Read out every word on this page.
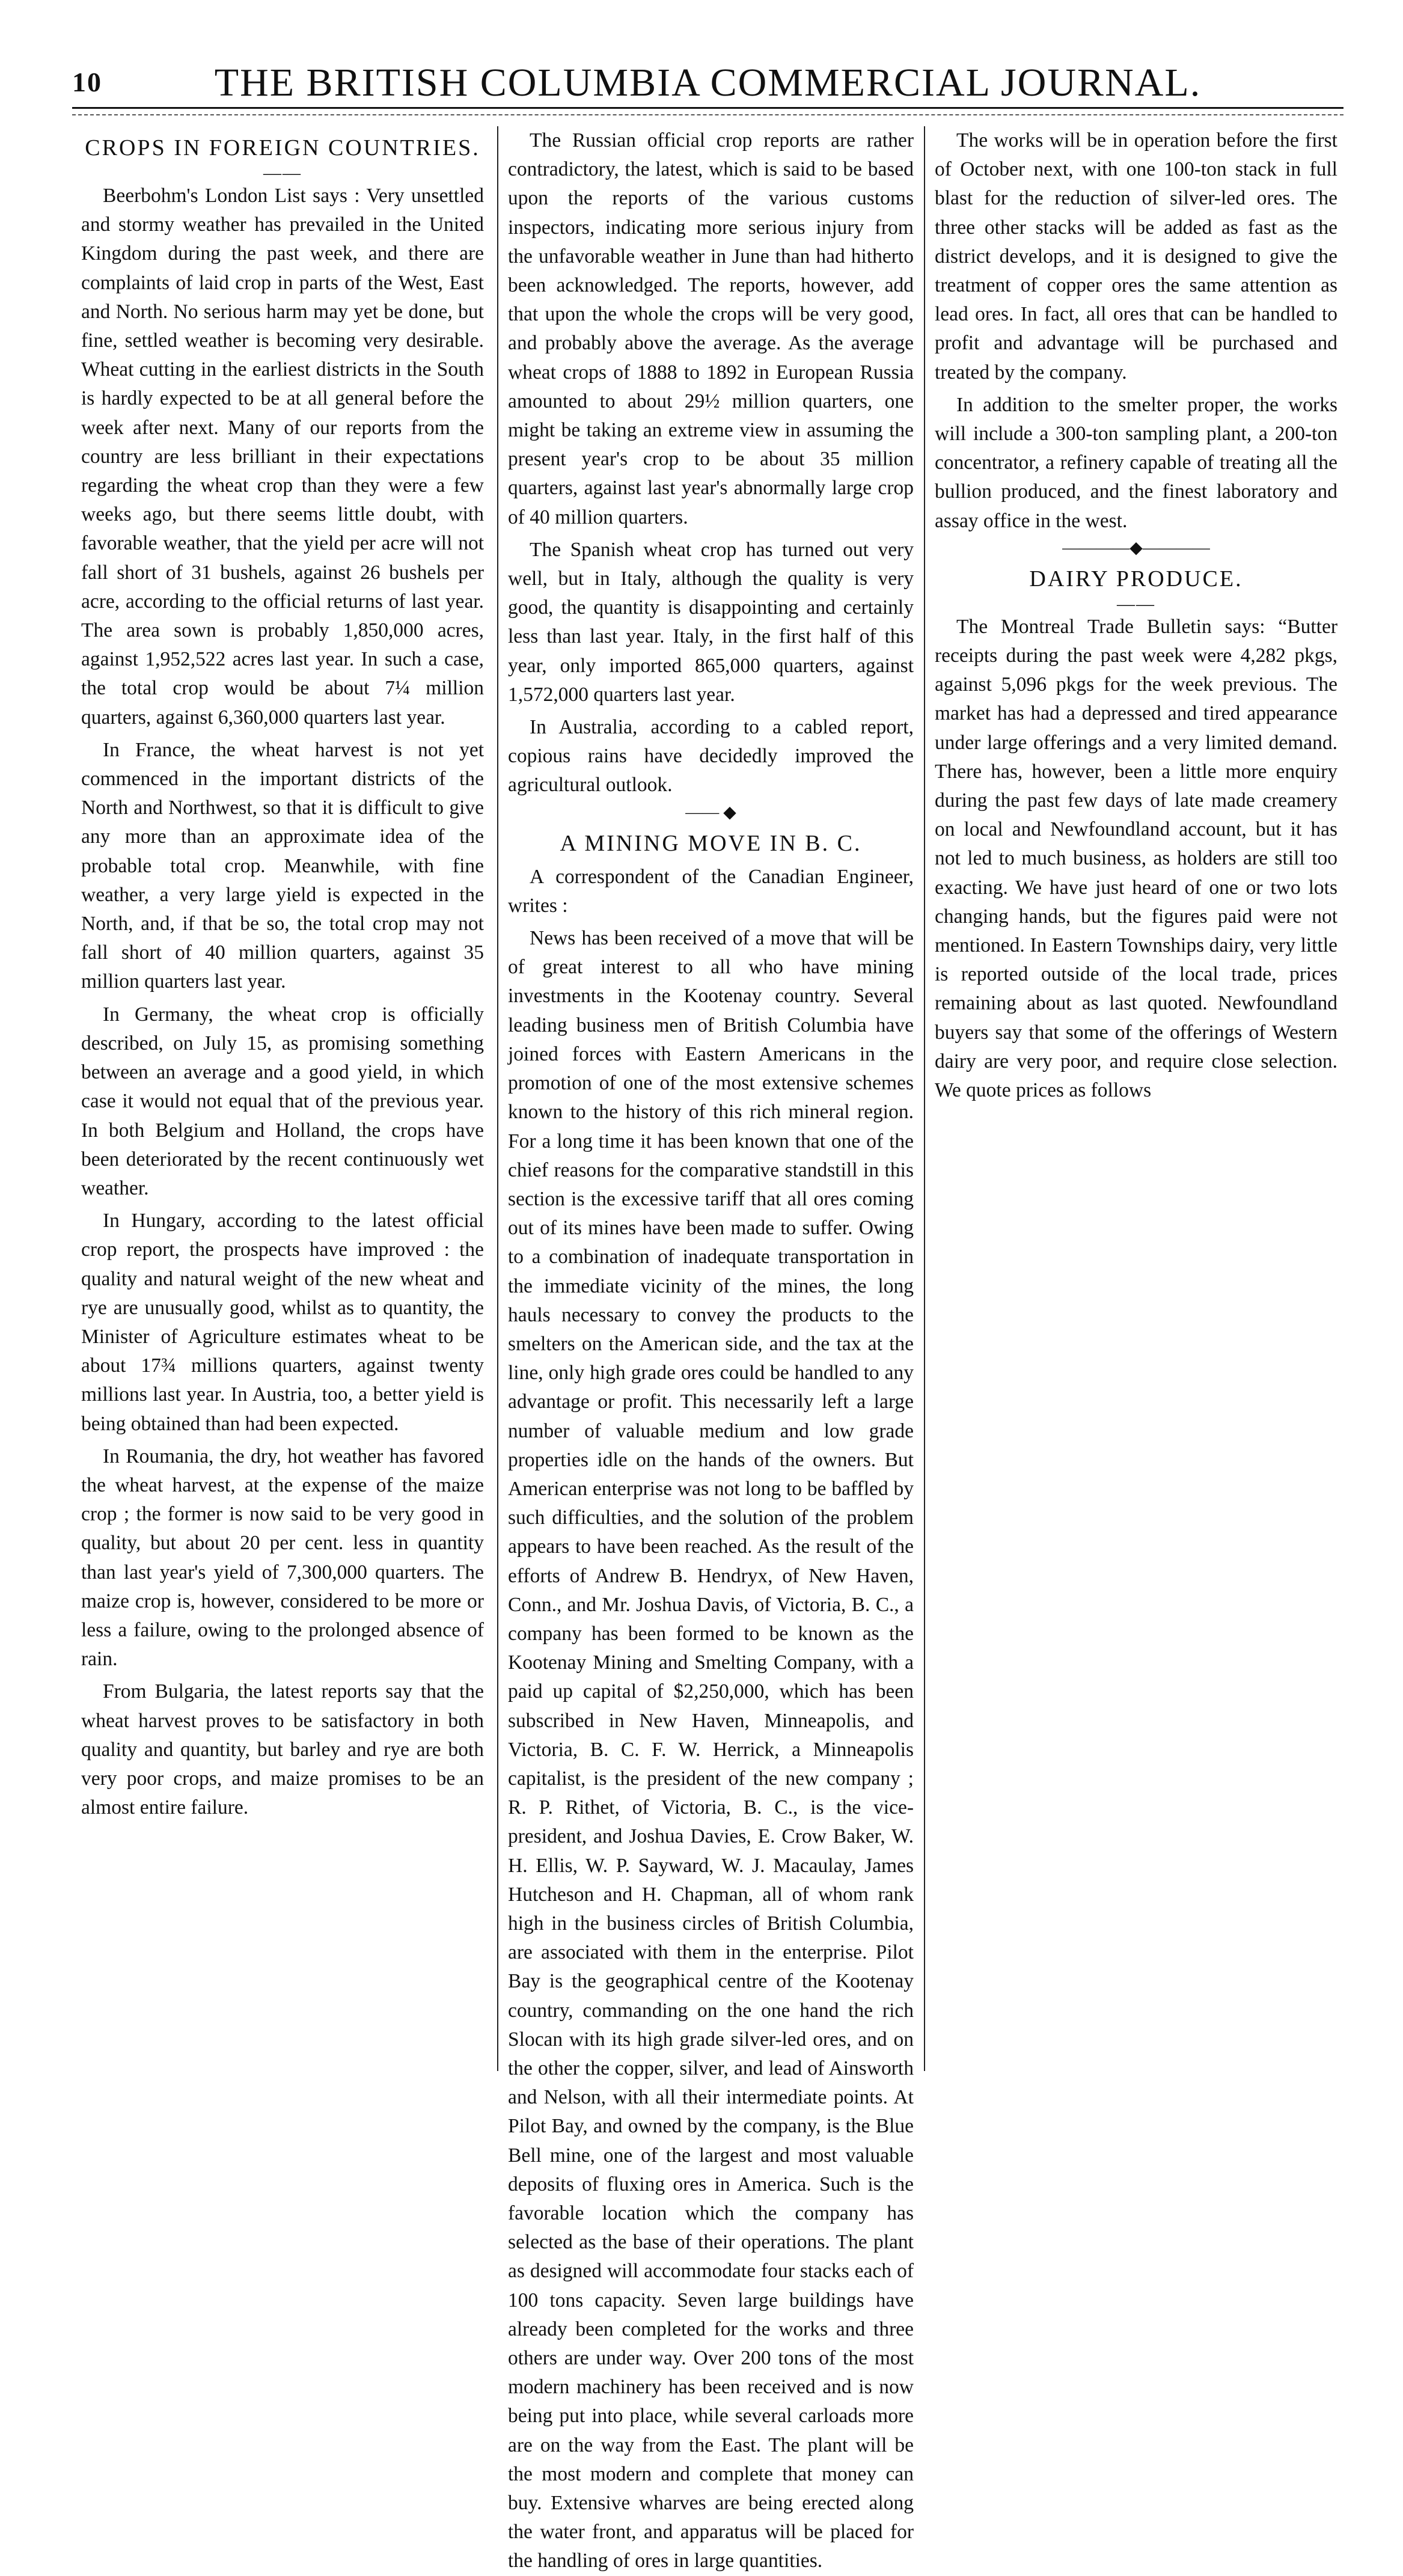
10	THE BRITISH COLUMBIA COMMERCIAL JOURNAL.
CROPS IN FOREIGN COUNTRIES.
——

Beerbohm's London List says : Very unsettled and stormy weather has prevailed in the United Kingdom during the past week, and there are complaints of laid crop in parts of the West, East and North. No serious harm may yet be done, but fine, settled weather is becoming very desirable. Wheat cutting in the earliest districts in the South is hardly expected to be at all general before the week after next. Many of our reports from the country are less brilliant in their expectations regarding the wheat crop than they were a few weeks ago, but there seems little doubt, with favorable weather, that the yield per acre will not fall short of 31 bushels, against 26 bushels per acre, according to the official returns of last year. The area sown is probably 1,850,000 acres, against 1,952,522 acres last year. In such a case, the total crop would be about 7¼ million quarters, against 6,360,000 quarters last year.

In France, the wheat harvest is not yet commenced in the important districts of the North and Northwest, so that it is difficult to give any more than an approximate idea of the probable total crop. Meanwhile, with fine weather, a very large yield is expected in the North, and, if that be so, the total crop may not fall short of 40 million quarters, against 35 million quarters last year.

In Germany, the wheat crop is officially described, on July 15, as promising something between an average and a good yield, in which case it would not equal that of the previous year. In both Belgium and Holland, the crops have been deteriorated by the recent continuously wet weather.

In Hungary, according to the latest official crop report, the prospects have improved : the quality and natural weight of the new wheat and rye are unusually good, whilst as to quantity, the Minister of Agriculture estimates wheat to be about 17¾ millions quarters, against twenty millions last year. In Austria, too, a better yield is being obtained than had been expected.

In Roumania, the dry, hot weather has favored the wheat harvest, at the expense of the maize crop ; the former is now said to be very good in quality, but about 20 per cent. less in quantity than last year's yield of 7,300,000 quarters. The maize crop is, however, considered to be more or less a failure, owing to the prolonged absence of rain.

From Bulgaria, the latest reports say that the wheat harvest proves to be satisfactory in both quality and quantity, but barley and rye are both very poor crops, and maize promises to be an almost entire failure.

The Russian official crop reports are rather contradictory, the latest, which is said to be based upon the reports of the various customs inspectors, indicating more serious injury from the unfavorable weather in June than had hitherto been acknowledged. The reports, however, add that upon the whole the crops will be very good, and probably above the average. As the average wheat crops of 1888 to 1892 in European Russia amounted to about 29½ million quarters, one might be taking an extreme view in assuming the present year's crop to be about 35 million quarters, against last year's abnormally large crop of 40 million quarters.

The Spanish wheat crop has turned out very well, but in Italy, although the quality is very good, the quantity is disappointing and certainly less than last year. Italy, in the first half of this year, only imported 865,000 quarters, against 1,572,000 quarters last year.

In Australia, according to a cabled report, copious rains have decidedly improved the agricultural outlook.

—— ◆
A MINING MOVE IN B. C.

A correspondent of the Canadian Engineer, writes :

News has been received of a move that will be of great interest to all who have mining investments in the Kootenay country. Several leading business men of British Columbia have joined forces with Eastern Americans in the promotion of one of the most extensive schemes known to the history of this rich mineral region. For a long time it has been known that one of the chief reasons for the comparative standstill in this section is the excessive tariff that all ores coming out of its mines have been made to suffer. Owing to a combination of inadequate transportation in the immediate vicinity of the mines, the long hauls necessary to convey the products to the smelters on the American side, and the tax at the line, only high grade ores could be handled to any advantage or profit. This necessarily left a large number of valuable medium and low grade properties idle on the hands of the owners. But American enterprise was not long to be baffled by such difficulties, and the solution of the problem appears to have been reached. As the result of the efforts of Andrew B. Hendryx, of New Haven, Conn., and Mr. Joshua Davis, of Victoria, B. C., a company has been formed to be known as the Kootenay Mining and Smelting Company, with a paid up capital of $2,250,000, which has been subscribed in New Haven, Minneapolis, and Victoria, B. C. F. W. Herrick, a Minneapolis capitalist, is the president of the new company ; R. P. Rithet, of Victoria, B. C., is the vice-president, and Joshua Davies, E. Crow Baker, W. H. Ellis, W. P. Sayward, W. J. Macaulay, James Hutcheson and H. Chapman, all of whom rank high in the business circles of British Columbia, are associated with them in the enterprise. Pilot Bay is the geographical centre of the Kootenay country, commanding on the one hand the rich Slocan with its high grade silver-led ores, and on the other the copper, silver, and lead of Ainsworth and Nelson, with all their intermediate points. At Pilot Bay, and owned by the company, is the Blue Bell mine, one of the largest and most valuable deposits of fluxing ores in America. Such is the favorable location which the company has selected as the base of their operations. The plant as designed will accommodate four stacks each of 100 tons capacity. Seven large buildings have already been completed for the works and three others are under way. Over 200 tons of the most modern machinery has been received and is now being put into place, while several carloads more are on the way from the East. The plant will be the most modern and complete that money can buy. Extensive wharves are being erected along the water front, and apparatus will be placed for the handling of ores in large quantities.

The works will be in operation before the first of October next, with one 100-ton stack in full blast for the reduction of silver-led ores. The three other stacks will be added as fast as the district develops, and it is designed to give the treatment of copper ores the same attention as lead ores. In fact, all ores that can be handled to profit and advantage will be purchased and treated by the company.

In addition to the smelter proper, the works will include a 300-ton sampling plant, a 200-ton concentrator, a refinery capable of treating all the bullion produced, and the finest laboratory and assay office in the west.

————◆————
DAIRY PRODUCE.
——

The Montreal Trade Bulletin says: “Butter receipts during the past week were 4,282 pkgs, against 5,096 pkgs for the week previous. The market has had a depressed and tired appearance under large offerings and a very limited demand. There has, however, been a little more enquiry during the past few days of late made creamery on local and Newfoundland account, but it has not led to much business, as holders are still too exacting. We have just heard of one or two lots changing hands, but the figures paid were not mentioned. In Eastern Townships dairy, very little is reported outside of the local trade, prices remaining about as last quoted. Newfoundland buyers say that some of the offerings of Western dairy are very poor, and require close selection. We quote prices as follows
